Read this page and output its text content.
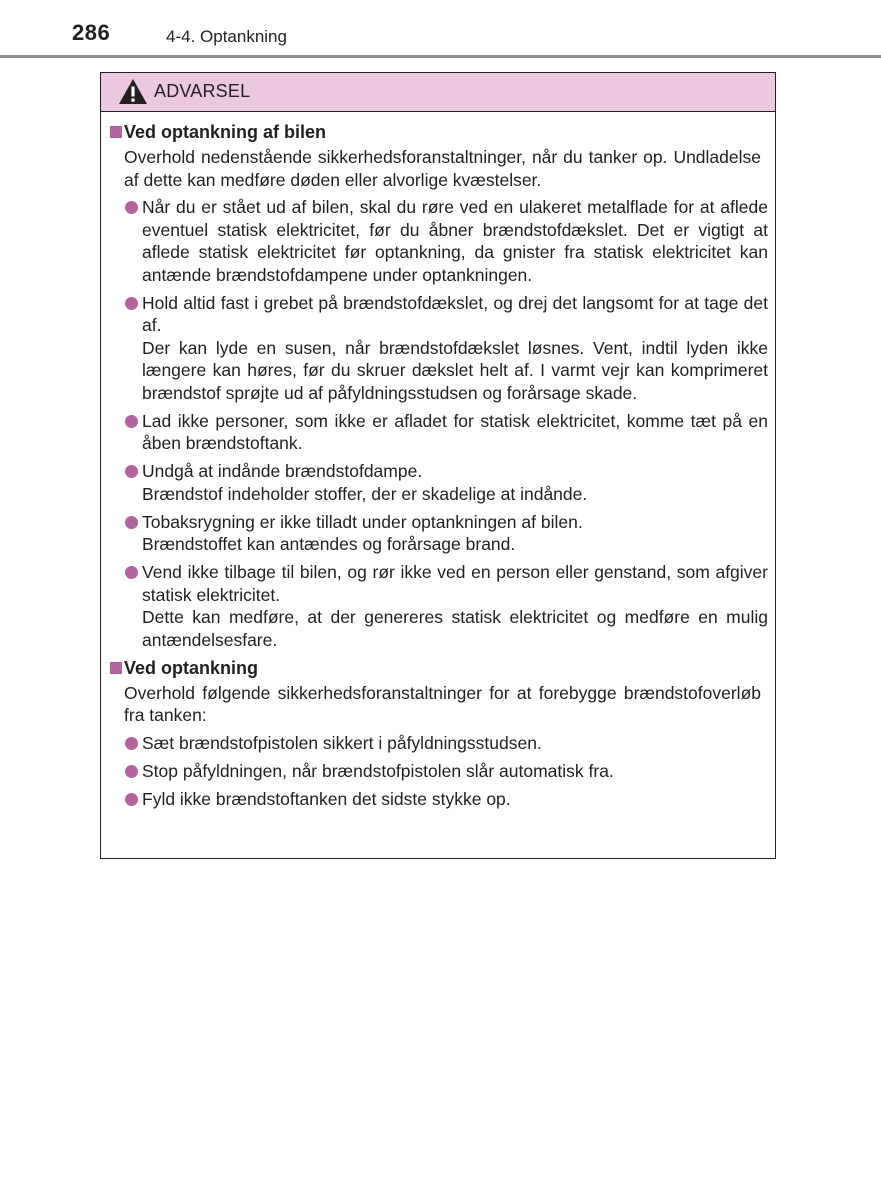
286	4-4. Optankning
ADVARSEL
Ved optankning af bilen
Overhold nedenstående sikkerhedsforanstaltninger, når du tanker op. Undladelse af dette kan medføre døden eller alvorlige kvæstelser.

Når du er stået ud af bilen, skal du røre ved en ulakeret metalflade for at aflede eventuel statisk elektricitet, før du åbner brændstofdækslet. Det er vigtigt at aflede statisk elektricitet før optankning, da gnister fra statisk elektricitet kan antænde brændstofdampene under optankningen.

Hold altid fast i grebet på brændstofdækslet, og drej det langsomt for at tage det af.

Der kan lyde en susen, når brændstofdækslet løsnes. Vent, indtil lyden ikke længere kan høres, før du skruer dækslet helt af. I varmt vejr kan komprimeret brændstof sprøjte ud af påfyldningsstudsen og forårsage skade.

Lad ikke personer, som ikke er afladet for statisk elektricitet, komme tæt på en åben brændstoftank.

Undgå at indånde brændstofdampe.

Brændstof indeholder stoffer, der er skadelige at indånde.

Tobaksrygning er ikke tilladt under optankningen af bilen.

Brændstoffet kan antændes og forårsage brand.

Vend ikke tilbage til bilen, og rør ikke ved en person eller genstand, som afgiver statisk elektricitet.

Dette kan medføre, at der genereres statisk elektricitet og medføre en mulig antændelsesfare.

Ved optankning
Overhold følgende sikkerhedsforanstaltninger for at forebygge brændstofoverløb fra tanken:

Sæt brændstofpistolen sikkert i påfyldningsstudsen.

Stop påfyldningen, når brændstofpistolen slår automatisk fra.

Fyld ikke brændstoftanken det sidste stykke op.
